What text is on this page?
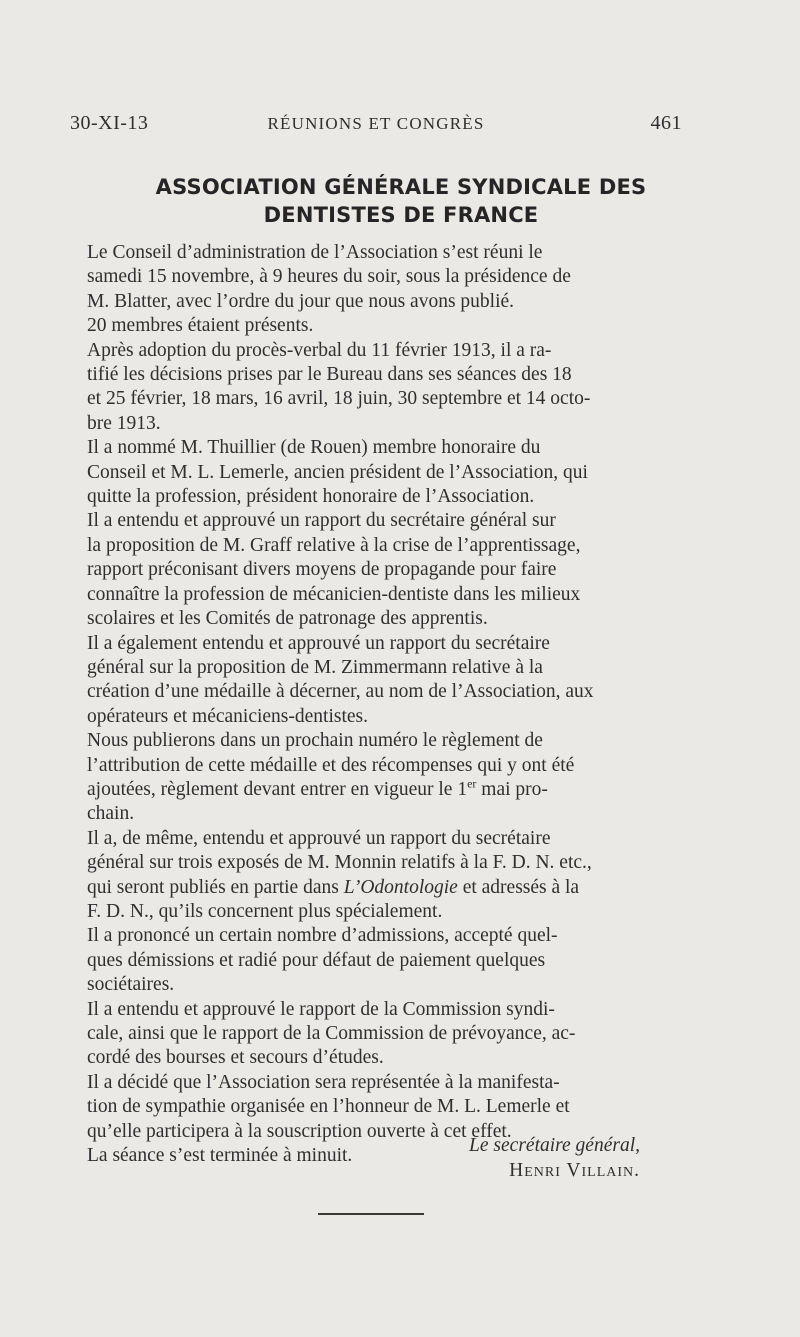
30-XI-13	RÉUNIONS ET CONGRÈS	461
ASSOCIATION GÉNÉRALE SYNDICALE DES
DENTISTES DE FRANCE

Le Conseil d’administration de l’Association s’est réuni le
samedi 15 novembre, à 9 heures du soir, sous la présidence de
M. Blatter, avec l’ordre du jour que nous avons publié.

20 membres étaient présents.

Après adoption du procès-verbal du 11 février 1913, il a ra-
tifié les décisions prises par le Bureau dans ses séances des 18
et 25 février, 18 mars, 16 avril, 18 juin, 30 septembre et 14 octo-
bre 1913.

Il a nommé M. Thuillier (de Rouen) membre honoraire du
Conseil et M. L. Lemerle, ancien président de l’Association, qui
quitte la profession, président honoraire de l’Association.

Il a entendu et approuvé un rapport du secrétaire général sur
la proposition de M. Graff relative à la crise de l’apprentissage,
rapport préconisant divers moyens de propagande pour faire
connaître la profession de mécanicien-dentiste dans les milieux
scolaires et les Comités de patronage des apprentis.

Il a également entendu et approuvé un rapport du secrétaire
général sur la proposition de M. Zimmermann relative à la
création d’une médaille à décerner, au nom de l’Association, aux
opérateurs et mécaniciens-dentistes.

Nous publierons dans un prochain numéro le règlement de
l’attribution de cette médaille et des récompenses qui y ont été
ajoutées, règlement devant entrer en vigueur le 1er mai pro-
chain.

Il a, de même, entendu et approuvé un rapport du secrétaire
général sur trois exposés de M. Monnin relatifs à la F. D. N. etc.,
qui seront publiés en partie dans L’Odontologie et adressés à la
F. D. N., qu’ils concernent plus spécialement.

Il a prononcé un certain nombre d’admissions, accepté quel-
ques démissions et radié pour défaut de paiement quelques
sociétaires.

Il a entendu et approuvé le rapport de la Commission syndi-
cale, ainsi que le rapport de la Commission de prévoyance, ac-
cordé des bourses et secours d’études.

Il a décidé que l’Association sera représentée à la manifesta-
tion de sympathie organisée en l’honneur de M. L. Lemerle et
qu’elle participera à la souscription ouverte à cet effet.

La séance s’est terminée à minuit.	Le secrétaire général,
Henri Villain.
